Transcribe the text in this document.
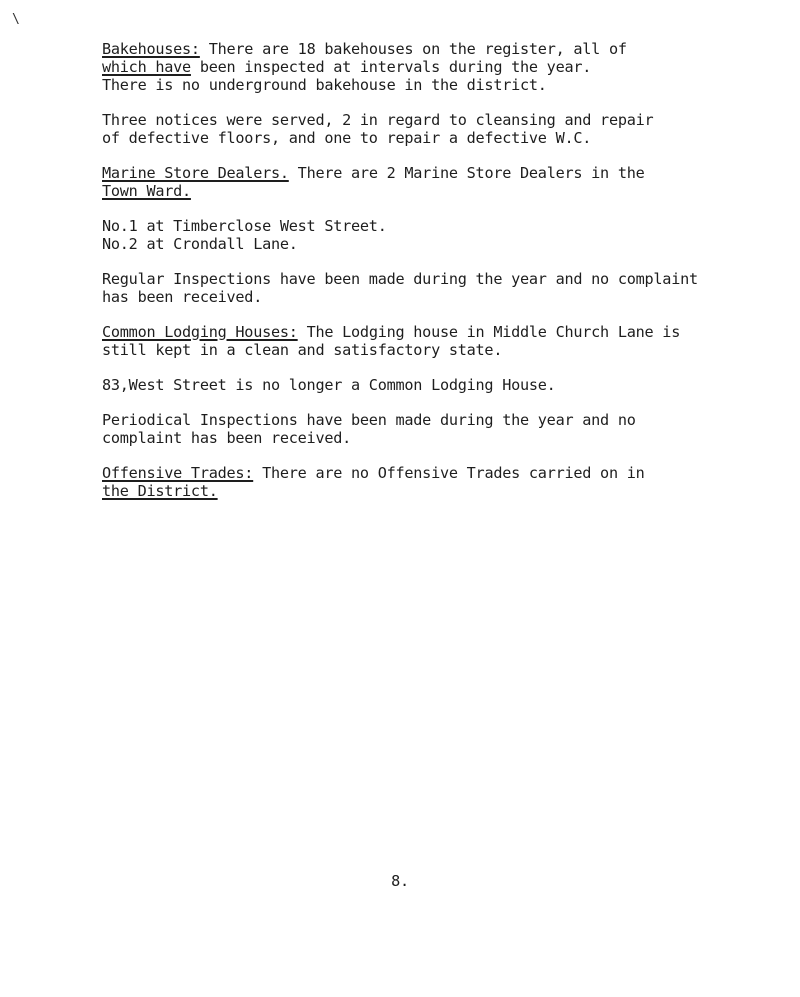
\
Bakehouses: There are 18 bakehouses on the register, all of
which have been inspected at intervals during the year.
There is no underground bakehouse in the district.
Three notices were served, 2 in regard to cleansing and repair
of defective floors, and one to repair a defective W.C.
Marine Store Dealers. There are 2 Marine Store Dealers in the
Town Ward.
No.1 at Timberclose West Street.
No.2 at Crondall Lane.
Regular Inspections have been made during the year and no complaint
has been received.
Common Lodging Houses: The Lodging house in Middle Church Lane is
still kept in a clean and satisfactory state.
83,West Street is no longer a Common Lodging House.
Periodical Inspections have been made during the year and no
complaint has been received.
Offensive Trades: There are no Offensive Trades carried on in
the District.
8.
